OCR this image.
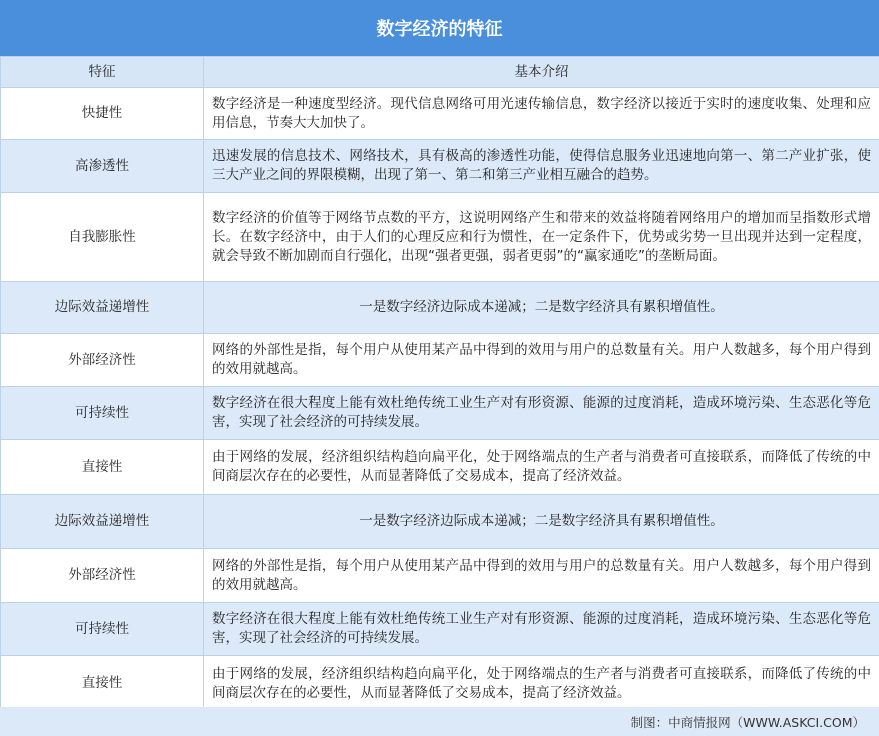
数字经济的特征
特征	基本介绍
快捷性	数字经济是一种速度型经济。现代信息网络可用光速传输信息，数字经济以接近于实时的速度收集、处理和应用信息，节奏大大加快了。
高渗透性	迅速发展的信息技术、网络技术，具有极高的渗透性功能，使得信息服务业迅速地向第一、第二产业扩张，使三大产业之间的界限模糊，出现了第一、第二和第三产业相互融合的趋势。
自我膨胀性	数字经济的价值等于网络节点数的平方，这说明网络产生和带来的效益将随着网络用户的增加而呈指数形式增长。在数字经济中，由于人们的心理反应和行为惯性，在一定条件下，优势或劣势一旦出现并达到一定程度，就会导致不断加剧而自行强化，出现“强者更强，弱者更弱”的“赢家通吃”的垄断局面。
边际效益递增性	一是数字经济边际成本递减；二是数字经济具有累积增值性。
外部经济性	网络的外部性是指，每个用户从使用某产品中得到的效用与用户的总数量有关。用户人数越多，每个用户得到的效用就越高。
可持续性	数字经济在很大程度上能有效杜绝传统工业生产对有形资源、能源的过度消耗，造成环境污染、生态恶化等危害，实现了社会经济的可持续发展。
直接性	由于网络的发展，经济组织结构趋向扁平化，处于网络端点的生产者与消费者可直接联系，而降低了传统的中间商层次存在的必要性，从而显著降低了交易成本，提高了经济效益。
边际效益递增性	一是数字经济边际成本递减；二是数字经济具有累积增值性。
外部经济性	网络的外部性是指，每个用户从使用某产品中得到的效用与用户的总数量有关。用户人数越多，每个用户得到的效用就越高。
可持续性	数字经济在很大程度上能有效杜绝传统工业生产对有形资源、能源的过度消耗，造成环境污染、生态恶化等危害，实现了社会经济的可持续发展。
直接性	由于网络的发展，经济组织结构趋向扁平化，处于网络端点的生产者与消费者可直接联系，而降低了传统的中间商层次存在的必要性，从而显著降低了交易成本，提高了经济效益。
制图：中商情报网（WWW.ASKCI.COM）
